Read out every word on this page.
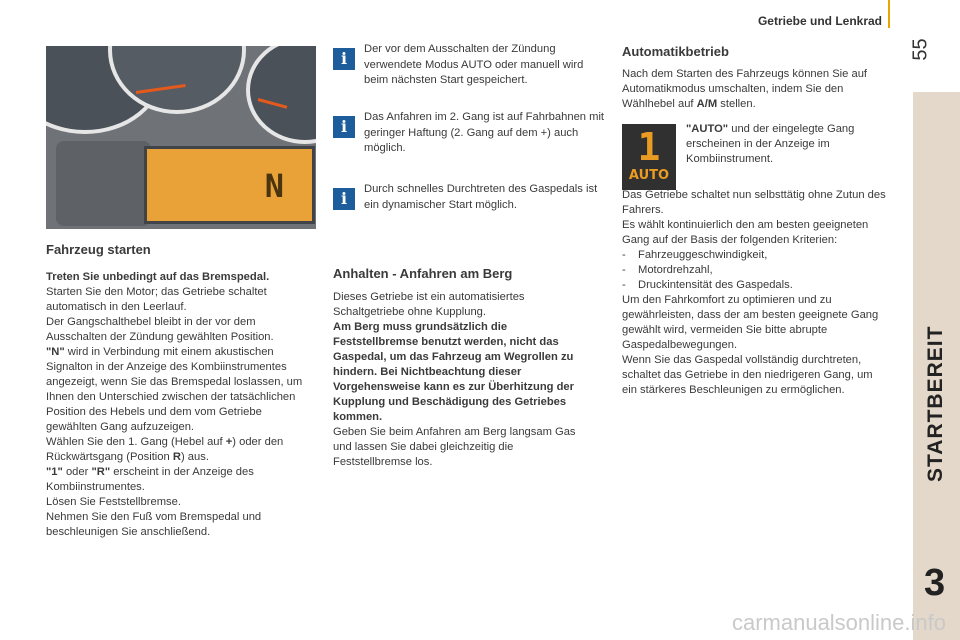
Getriebe und Lenkrad
55
3
N
Fahrzeug starten

Treten Sie unbedingt auf das Bremspedal.
Starten Sie den Motor; das Getriebe schaltet automatisch in den Leerlauf.
Der Gangschalthebel bleibt in der vor dem Ausschalten der Zündung gewählten Position.
"N" wird in Verbindung mit einem akustischen Signalton in der Anzeige des Kombiinstrumentes angezeigt, wenn Sie das Bremspedal loslassen, um Ihnen den Unterschied zwischen der tatsächlichen Position des Hebels und dem vom Getriebe gewählten Gang aufzuzeigen.
Wählen Sie den 1. Gang (Hebel auf +) oder den Rückwärtsgang (Position R) aus.
"1" oder "R" erscheint in der Anzeige des Kombiinstrumentes.
Lösen Sie Feststellbremse.
Nehmen Sie den Fuß vom Bremspedal und beschleunigen Sie anschließend.

i	Der vor dem Ausschalten der Zündung verwendete Modus AUTO oder manuell wird beim nächsten Start gespeichert.
i	Das Anfahren im 2. Gang ist auf Fahrbahnen mit geringer Haftung (2. Gang auf dem +) auch möglich.
i	Durch schnelles Durchtreten des Gaspedals ist ein dynamischer Start möglich.
Anhalten - Anfahren am Berg

Dieses Getriebe ist ein automatisiertes Schaltgetriebe ohne Kupplung.
Am Berg muss grundsätzlich die Feststellbremse benutzt werden, nicht das Gaspedal, um das Fahrzeug am Wegrollen zu hindern. Bei Nichtbeachtung dieser Vorgehensweise kann es zur Überhitzung der Kupplung und Beschädigung des Getriebes kommen.
Geben Sie beim Anfahren am Berg langsam Gas und lassen Sie dabei gleichzeitig die Feststellbremse los.

Automatikbetrieb

Nach dem Starten des Fahrzeugs können Sie auf Automatikmodus umschalten, indem Sie den Wählhebel auf A/M stellen.

1
AUTO
"AUTO" und der eingelegte Gang erscheinen in der Anzeige im Kombiinstrument.

Das Getriebe schaltet nun selbsttätig ohne Zutun des Fahrers.
Es wählt kontinuierlich den am besten geeigneten Gang auf der Basis der folgenden Kriterien:

- Fahrzeuggeschwindigkeit,

- Motordrehzahl,

- Druckintensität des Gaspedals.

Um den Fahrkomfort zu optimieren und zu gewährleisten, dass der am besten geeignete Gang gewählt wird, vermeiden Sie bitte abrupte Gaspedalbewegungen.
Wenn Sie das Gaspedal vollständig durchtreten, schaltet das Getriebe in den niedrigeren Gang, um ein stärkeres Beschleunigen zu ermöglichen.

carmanualsonline.info
